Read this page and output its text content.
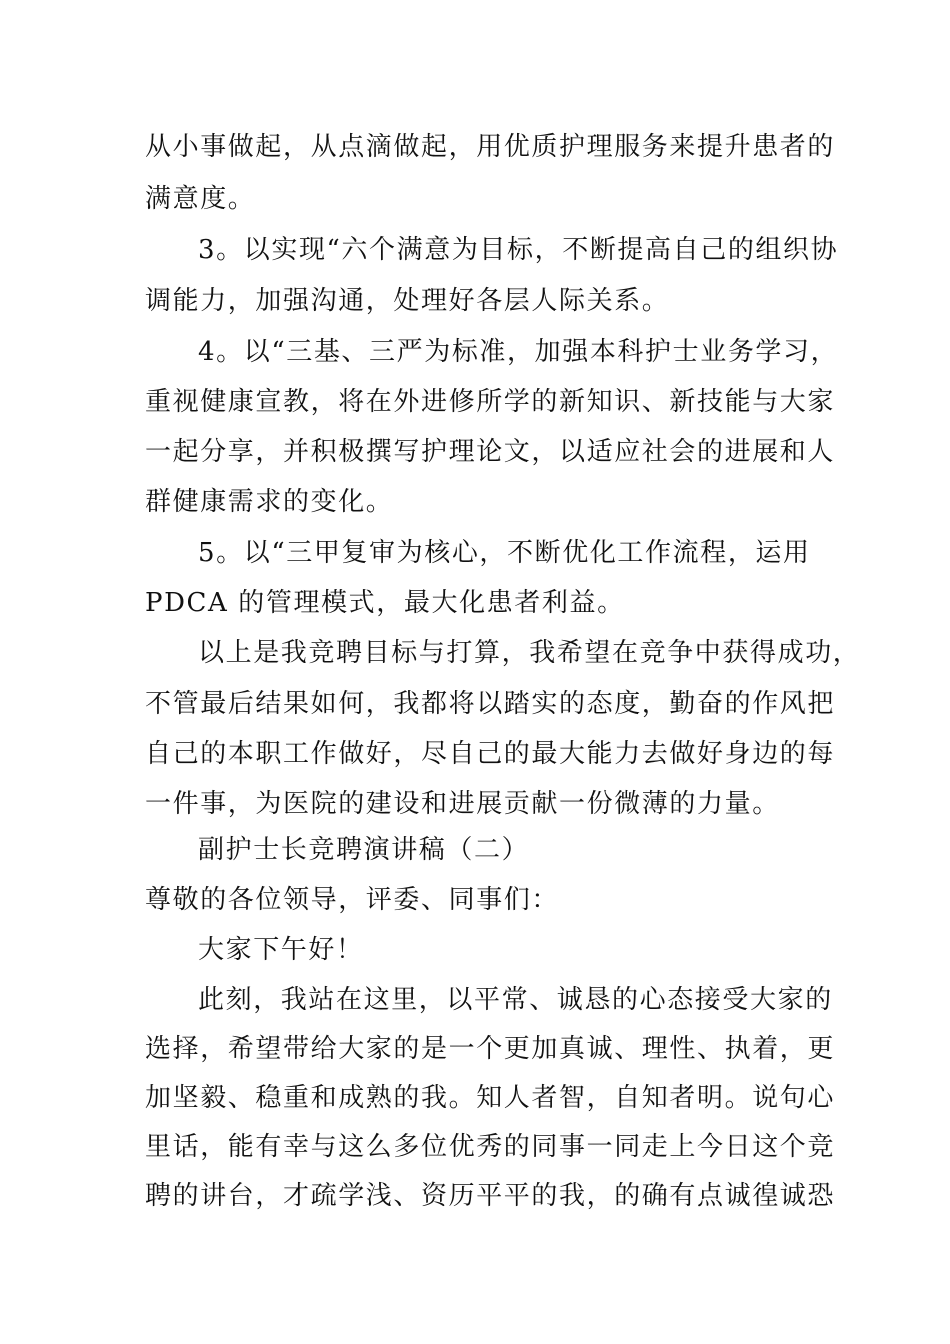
从小事做起，从点滴做起，用优质护理服务来提升患者的
满意度。
3。以实现“六个满意为目标，不断提高自己的组织协
调能力，加强沟通，处理好各层人际关系。
4。以“三基、三严为标准，加强本科护士业务学习，
重视健康宣教，将在外进修所学的新知识、新技能与大家
一起分享，并积极撰写护理论文，以适应社会的进展和人
群健康需求的变化。
5。以“三甲复审为核心，不断优化工作流程，运用
PDCA 的管理模式，最大化患者利益。
以上是我竞聘目标与打算，我希望在竞争中获得成功，
不管最后结果如何，我都将以踏实的态度，勤奋的作风把
自己的本职工作做好，尽自己的最大能力去做好身边的每
一件事，为医院的建设和进展贡献一份微薄的力量。
副护士长竞聘演讲稿（二）
尊敬的各位领导，评委、同事们：
大家下午好！
此刻，我站在这里，以平常、诚恳的心态接受大家的
选择，希望带给大家的是一个更加真诚、理性、执着，更
加坚毅、稳重和成熟的我。知人者智，自知者明。说句心
里话，能有幸与这么多位优秀的同事一同走上今日这个竞
聘的讲台，才疏学浅、资历平平的我，的确有点诚徨诚恐
